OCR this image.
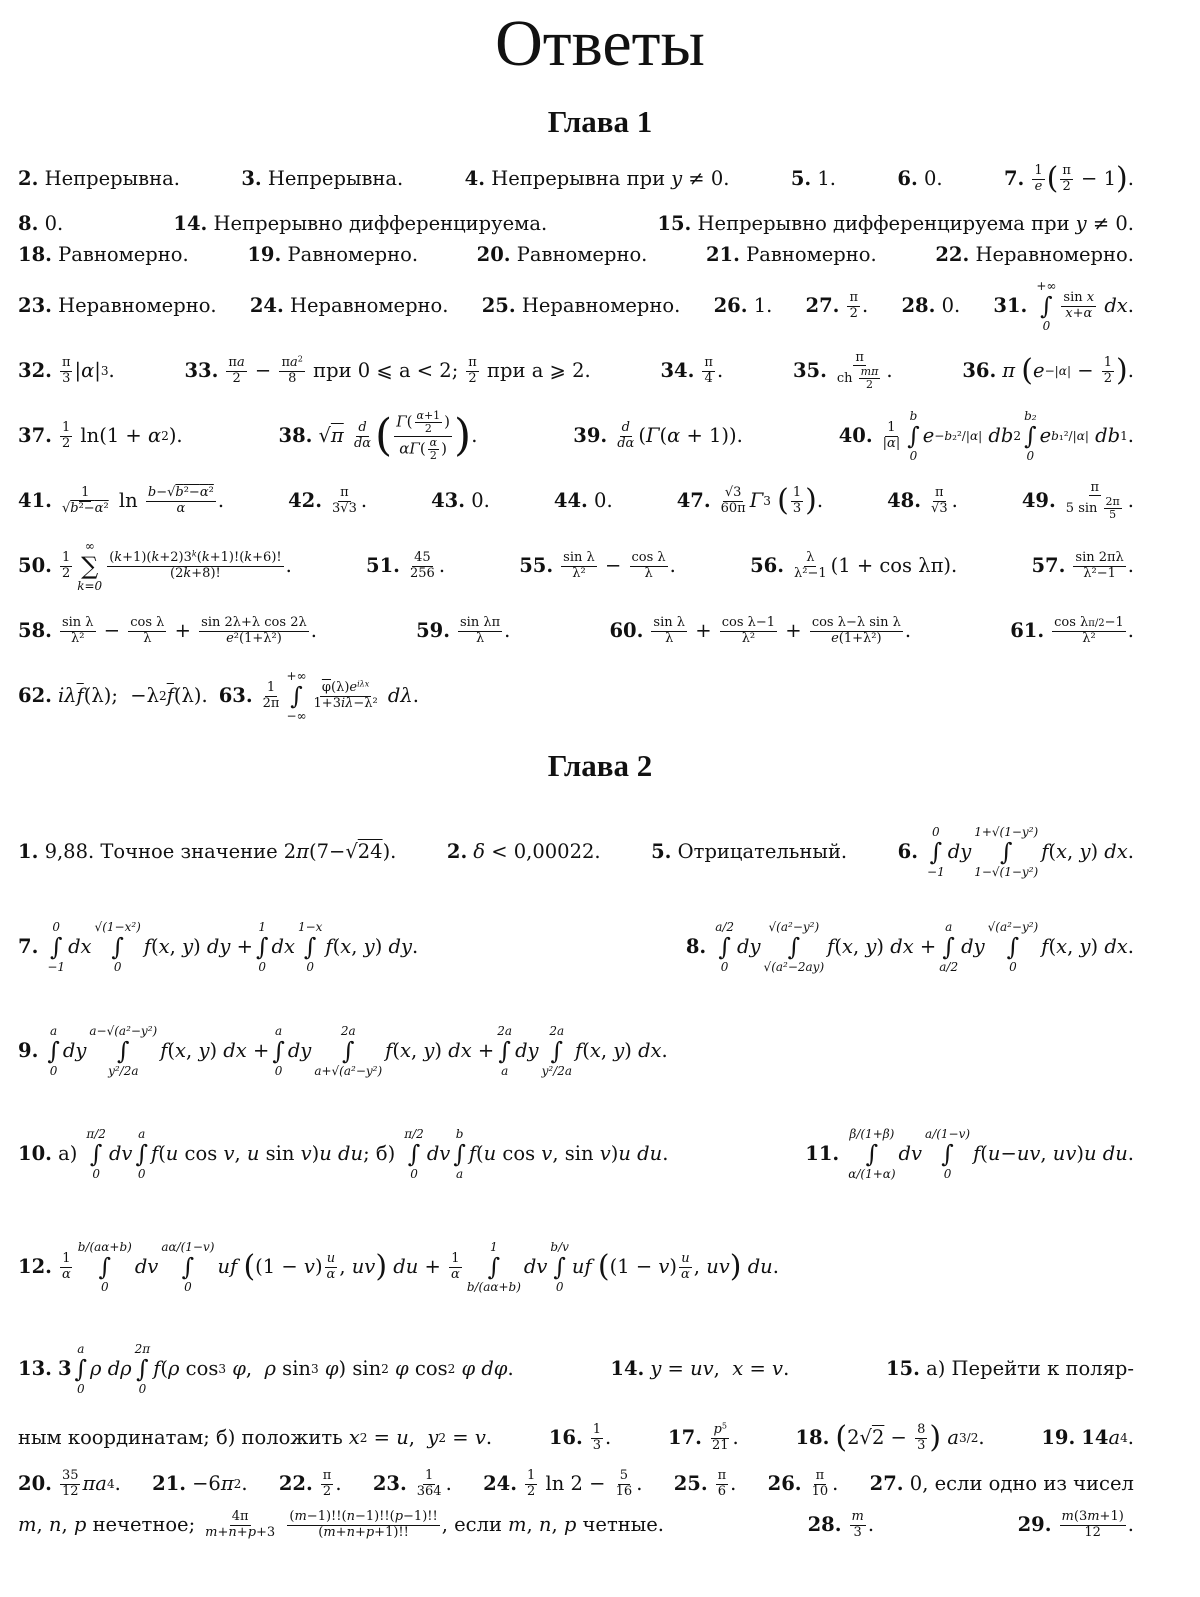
Ответы
Глава 1
2.
Непрерывна.	3.
Непрерывна.	4.
Непрерывна при y ≠ 0.	5.
1.	6.
0.	7. 1
e ( π
2 − 1 ) .
8.
0.	14.
Непрерывно дифференцируема.	15.
Непрерывно дифференцируема при y ≠ 0.
18.
Равномерно.	19.
Равномерно.	20.
Равномерно.	21.
Равномерно.	22.
Неравномерно.
23.
Неравномерно. 24.
Неравномерно. 25.
Неравномерно. 26.
1. 27. π
2 . 28.
0. 31.
+∞
∫
0
sin x
x+α
dx .
32. π
3 | α | 3 .	33. πa
$2 - \pi a^2$
8
при 0 ⩽ a < 2; π
2
при a ⩾ 2.	34. π
4 .	35.
π
ch $\frac{m\pi}{2}$ .	36. π
( e −|α| − 1
2 ) .
37. 1
2 ln(1 + α 2 ).	38. √ π
d
dα ( $\Gamma( \frac{\alpha+1}{2}$ )
$\alpha\Gamma( \frac{\alpha}{2}$ ) ) .	39. d
dα ( Γ ( α + 1)).	40. 1
|α|
b
∫
0
e −b₂²/|α|
db 2
b₂
∫
0
e b₁²/|α|
db 1 .
41. 1
√b²−α² ln b−√b²−α²
α .	42. π
3√3 .	43.
0.	44.
0.	47. √3
60π Γ 3
( 1
3 ) .	48. π
√3 .	49.
π
5 $\sin \frac{2\pi}{5}$ .
50. 1
2
∞
∑
k=0
$(k+1)(k+2)3^k(k+1)!(k+6)$!
(2k+8)!	.	51. 45
256 .	55. sin λ
λ² − cos λ
λ .	56. λ
λ²−1 (1 + cos λπ).	57. sin 2πλ
λ²−1 .
58. sin λ
λ² − cos λ
λ + sin 2λ+λ cos 2λ
e²(1+λ²) .	59. sin λπ
λ .	60. sin λ
λ + cos λ−1
λ² + cos λ−λ sin λ
e(1+λ²) .	61. cos λπ/2−1
λ² .
62. iλ $\overline{f}$ (λ);  −λ 2 $\overline{f}$ (λ). 63. 1
2π
+∞
∫
−∞
$\overline{\varphi}(\lambda)e^{i\lambda x}$
1+3iλ−λ²
dλ .
Глава 2
1.
9,88. Точное значение 2 π (7−√ 24 ).	2. δ < 0,00022.	5.
Отрицательный.	6.
0
∫
−1
dy
1+√(1−y²)
∫
1−√(1−y²)
f ( x , y ) dx .
7.
0
∫
−1
dx
√(1−x²)
∫
0
f ( x , y ) dy +
1
∫
0
dx
1−x
∫
0
f ( x , y ) dy .	8.
a/2
∫
0
dy
√(a²−y²)
∫
√(a²−2ay)
f ( x , y ) dx +
a
∫
a/2
dy
√(a²−y²)
∫
0
f ( x , y ) dx .
9.
a
∫
0
dy
a−√(a²−y²)
∫
y²/2a
f ( x , y ) dx +
a
∫
0
dy
2a
∫
a+√(a²−y²)
f ( x , y ) dx +
2a
∫
a
dy
2a
∫
y²/2a
f ( x , y ) dx .
10.
а)
π/2
∫
0
dv
a
∫
0
f ( u cos v , u sin v ) u
du ;
б)
π/2
∫
0
dv
b
∫
a
f ( u cos v , sin v ) u
du .	11.
β/(1+β)
∫
α/(1+α)
dv
a/(1−v)
∫
0
f ( u − uv , uv ) u
du .
12. 1
α
b/(aα+b)
∫
0
dv
aα/(1−v)
∫
0
uf
( (1 − v ) u
α , uv )
du + 1
α
1
∫
b/(aα+b)
dv
b/v
∫
0
uf
( (1 − v ) u
α , uv )
du .
13. 3
a
∫
0
ρ
dρ
2π
∫
0
f ( ρ cos 3
φ , ρ sin 3
φ ) sin 2
φ cos 2
φ
dφ .	14. y = uv , x = v .	15.
а) Перейти к поляр-
ным координатам; б) положить x 2 = u , y 2 = v .	16. 1
3 .	17. $p^5$
21 .	18. ( 2√ 2 − 8
3 )
a 3/2 .	19. 14 a 4 .
20. 35
12 πa 4 . 21. −6 π 2 . 22. π
2 . 23. 1
364 . 24. 1
2 ln 2 − 5
16 . 25. π
6 . 26. π
10 . 27.
0, если одно из чисел
m , n , p
нечетное;	4π
m+n+p+3

(m−1)!!(n−1)!!(p−1)!!
(m+n+p+1)!! , если m , n , p
четные.	28. m
3 .	29. m(3m+1)
12 .
